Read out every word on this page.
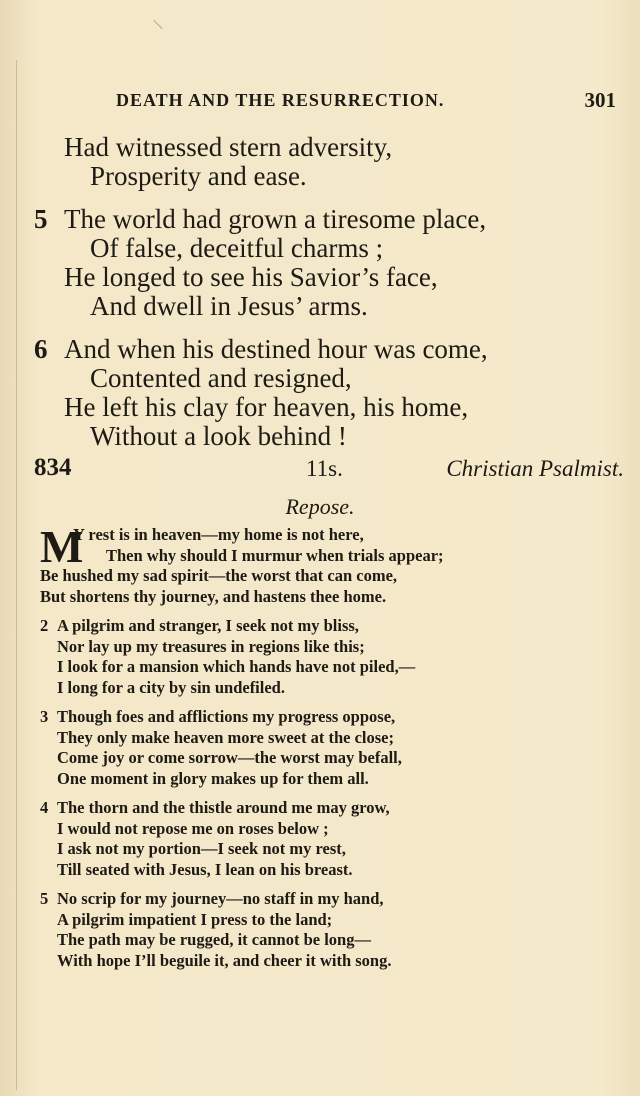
DEATH AND THE RESURRECTION.	301
Had witnessed stern adversity,
Prosperity and ease.
5 The world had grown a tiresome place,
Of false, deceitful charms ;
He longed to see his Savior’s face,
And dwell in Jesus’ arms.
6 And when his destined hour was come,
Contented and resigned,
He left his clay for heaven, his home,
Without a look behind !
834	11s.	Christian Psalmist.
Repose.
M
Y rest is in heaven—my home is not here,
Then why should I murmur when trials appear;
Be hushed my sad spirit—the worst that can come,
But shortens thy journey, and hastens thee home.
2 A pilgrim and stranger, I seek not my bliss,
Nor lay up my treasures in regions like this;
I look for a mansion which hands have not piled,—
I long for a city by sin undefiled.
3 Though foes and afflictions my progress oppose,
They only make heaven more sweet at the close;
Come joy or come sorrow—the worst may befall,
One moment in glory makes up for them all.
4 The thorn and the thistle around me may grow,
I would not repose me on roses below ;
I ask not my portion—I seek not my rest,
Till seated with Jesus, I lean on his breast.
5 No scrip for my journey—no staff in my hand,
A pilgrim impatient I press to the land;
The path may be rugged, it cannot be long—
With hope I’ll beguile it, and cheer it with song.
